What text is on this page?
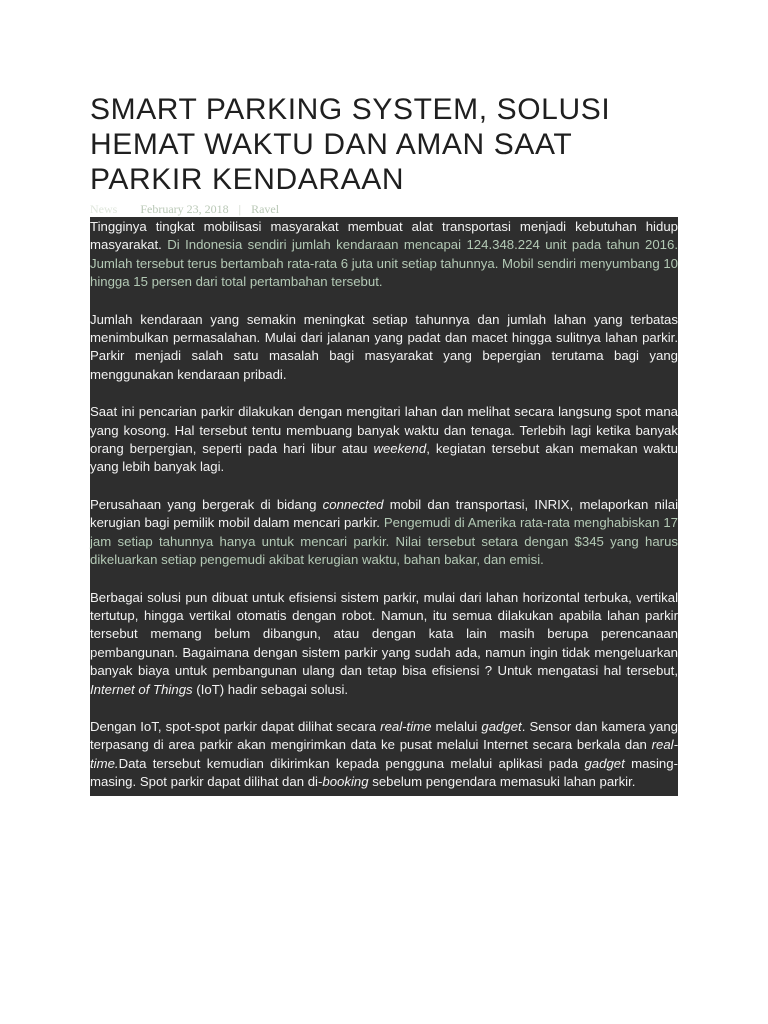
SMART PARKING SYSTEM, SOLUSI HEMAT WAKTU DAN AMAN SAAT PARKIR KENDARAAN
News February 23, 2018 | Ravel

Tingginya tingkat mobilisasi masyarakat membuat alat transportasi menjadi kebutuhan hidup masyarakat. Di Indonesia sendiri jumlah kendaraan mencapai 124.348.224 unit pada tahun 2016. Jumlah tersebut terus bertambah rata-rata 6 juta unit setiap tahunnya. Mobil sendiri menyumbang 10 hingga 15 persen dari total pertambahan tersebut.

Jumlah kendaraan yang semakin meningkat setiap tahunnya dan jumlah lahan yang terbatas menimbulkan permasalahan. Mulai dari jalanan yang padat dan macet hingga sulitnya lahan parkir. Parkir menjadi salah satu masalah bagi masyarakat yang bepergian terutama bagi yang menggunakan kendaraan pribadi.

Saat ini pencarian parkir dilakukan dengan mengitari lahan dan melihat secara langsung spot mana yang kosong. Hal tersebut tentu membuang banyak waktu dan tenaga. Terlebih lagi ketika banyak orang berpergian, seperti pada hari libur atau weekend, kegiatan tersebut akan memakan waktu yang lebih banyak lagi.

Perusahaan yang bergerak di bidang connected mobil dan transportasi, INRIX, melaporkan nilai kerugian bagi pemilik mobil dalam mencari parkir. Pengemudi di Amerika rata-rata menghabiskan 17 jam setiap tahunnya hanya untuk mencari parkir. Nilai tersebut setara dengan $345 yang harus dikeluarkan setiap pengemudi akibat kerugian waktu, bahan bakar, dan emisi.

Berbagai solusi pun dibuat untuk efisiensi sistem parkir, mulai dari lahan horizontal terbuka, vertikal tertutup, hingga vertikal otomatis dengan robot. Namun, itu semua dilakukan apabila lahan parkir tersebut memang belum dibangun, atau dengan kata lain masih berupa perencanaan pembangunan. Bagaimana dengan sistem parkir yang sudah ada, namun ingin tidak mengeluarkan banyak biaya untuk pembangunan ulang dan tetap bisa efisiensi ? Untuk mengatasi hal tersebut, Internet of Things (IoT) hadir sebagai solusi.

Dengan IoT, spot-spot parkir dapat dilihat secara real-time melalui gadget. Sensor dan kamera yang terpasang di area parkir akan mengirimkan data ke pusat melalui Internet secara berkala dan real-time.Data tersebut kemudian dikirimkan kepada pengguna melalui aplikasi pada gadget masing-masing. Spot parkir dapat dilihat dan di-booking sebelum pengendara memasuki lahan parkir.
